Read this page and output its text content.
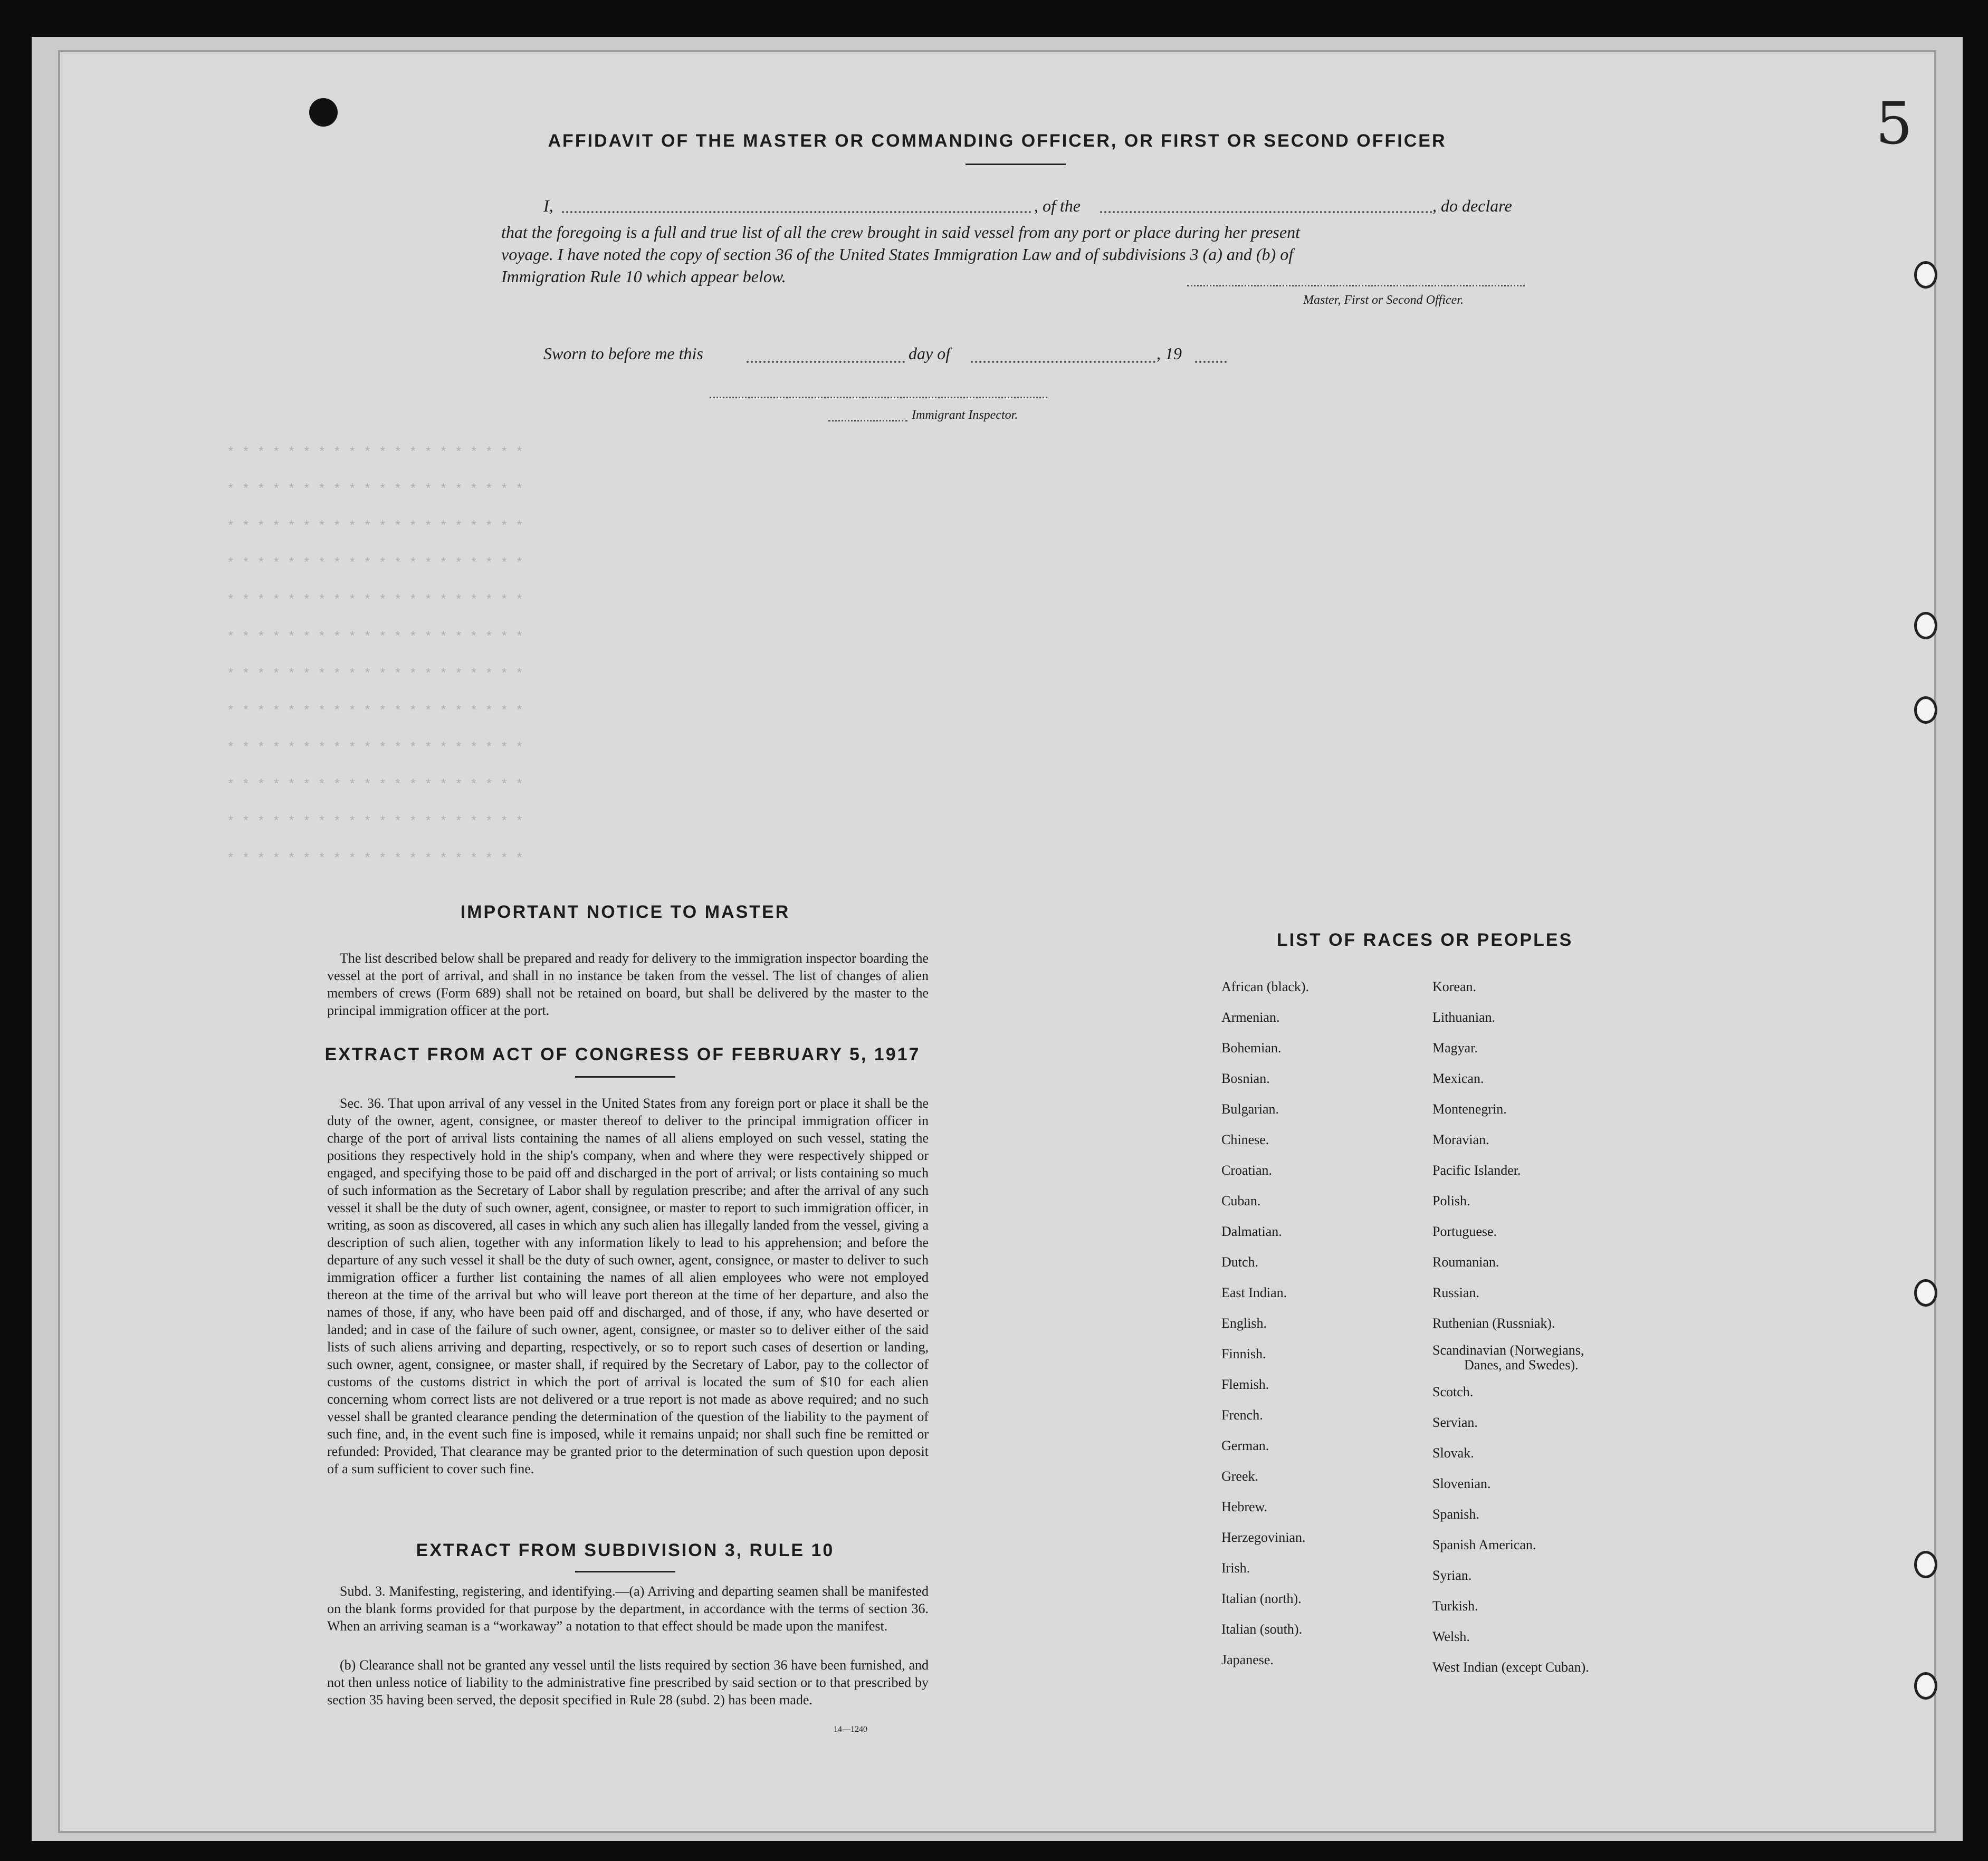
5
* * * * * * * * * * * * * * * * * * * *
* * * * * * * * * * * * * * * * * * * *
* * * * * * * * * * * * * * * * * * * *
* * * * * * * * * * * * * * * * * * * *
* * * * * * * * * * * * * * * * * * * *
* * * * * * * * * * * * * * * * * * * *
* * * * * * * * * * * * * * * * * * * *
* * * * * * * * * * * * * * * * * * * *
* * * * * * * * * * * * * * * * * * * *
* * * * * * * * * * * * * * * * * * * *
* * * * * * * * * * * * * * * * * * * *
* * * * * * * * * * * * * * * * * * * *
AFFIDAVIT OF THE MASTER OR COMMANDING OFFICER, OR FIRST OR SECOND OFFICER
I,	, of the	, do declare
that the foregoing is a full and true list of all the crew brought in said vessel from any port or place during her present
voyage. I have noted the copy of section 36 of the United States Immigration Law and of subdivisions 3 (a) and (b) of
Immigration Rule 10 which appear below.
Master, First or Second Officer.
Sworn to before me this	day of	, 19
Immigrant Inspector.
IMPORTANT NOTICE TO MASTER
The list described below shall be prepared and ready for delivery to the immigration inspector boarding the vessel at the port of arrival, and shall in no instance be taken from the vessel. The list of changes of alien members of crews (Form 689) shall not be retained on board, but shall be delivered by the master to the principal immigration officer at the port.
EXTRACT FROM ACT OF CONGRESS OF FEBRUARY 5, 1917
Sec. 36. That upon arrival of any vessel in the United States from any foreign port or place it shall be the duty of the owner, agent, consignee, or master thereof to deliver to the principal immigration officer in charge of the port of arrival lists containing the names of all aliens employed on such vessel, stating the positions they respectively hold in the ship's company, when and where they were respectively shipped or engaged, and specifying those to be paid off and discharged in the port of arrival; or lists containing so much of such information as the Secretary of Labor shall by regulation prescribe; and after the arrival of any such vessel it shall be the duty of such owner, agent, consignee, or master to report to such immigration officer, in writing, as soon as discovered, all cases in which any such alien has illegally landed from the vessel, giving a description of such alien, together with any information likely to lead to his apprehension; and before the departure of any such vessel it shall be the duty of such owner, agent, consignee, or master to deliver to such immigration officer a further list containing the names of all alien employees who were not employed thereon at the time of the arrival but who will leave port thereon at the time of her departure, and also the names of those, if any, who have been paid off and discharged, and of those, if any, who have deserted or landed; and in case of the failure of such owner, agent, consignee, or master so to deliver either of the said lists of such aliens arriving and departing, respectively, or so to report such cases of desertion or landing, such owner, agent, consignee, or master shall, if required by the Secretary of Labor, pay to the collector of customs of the customs district in which the port of arrival is located the sum of $10 for each alien concerning whom correct lists are not delivered or a true report is not made as above required; and no such vessel shall be granted clearance pending the determination of the question of the liability to the payment of such fine, and, in the event such fine is imposed, while it remains unpaid; nor shall such fine be remitted or refunded: Provided, That clearance may be granted prior to the determination of such question upon deposit of a sum sufficient to cover such fine.
EXTRACT FROM SUBDIVISION 3, RULE 10
Subd. 3. Manifesting, registering, and identifying.—(a) Arriving and departing seamen shall be manifested on the blank forms provided for that purpose by the department, in accordance with the terms of section 36. When an arriving seaman is a “workaway” a notation to that effect should be made upon the manifest.
(b) Clearance shall not be granted any vessel until the lists required by section 36 have been furnished, and not then unless notice of liability to the administrative fine prescribed by said section or to that prescribed by section 35 having been served, the deposit specified in Rule 28 (subd. 2) has been made.
14—1240
LIST OF RACES OR PEOPLES
African (black).
Armenian.
Bohemian.
Bosnian.
Bulgarian.
Chinese.
Croatian.
Cuban.
Dalmatian.
Dutch.
East Indian.
English.
Finnish.
Flemish.
French.
German.
Greek.
Hebrew.
Herzegovinian.
Irish.
Italian (north).
Italian (south).
Japanese.
Korean.
Lithuanian.
Magyar.
Mexican.
Montenegrin.
Moravian.
Pacific Islander.
Polish.
Portuguese.
Roumanian.
Russian.
Ruthenian (Russniak).
Scandinavian (Norwegians,
Danes, and Swedes).
Scotch.
Servian.
Slovak.
Slovenian.
Spanish.
Spanish American.
Syrian.
Turkish.
Welsh.
West Indian (except Cuban).
